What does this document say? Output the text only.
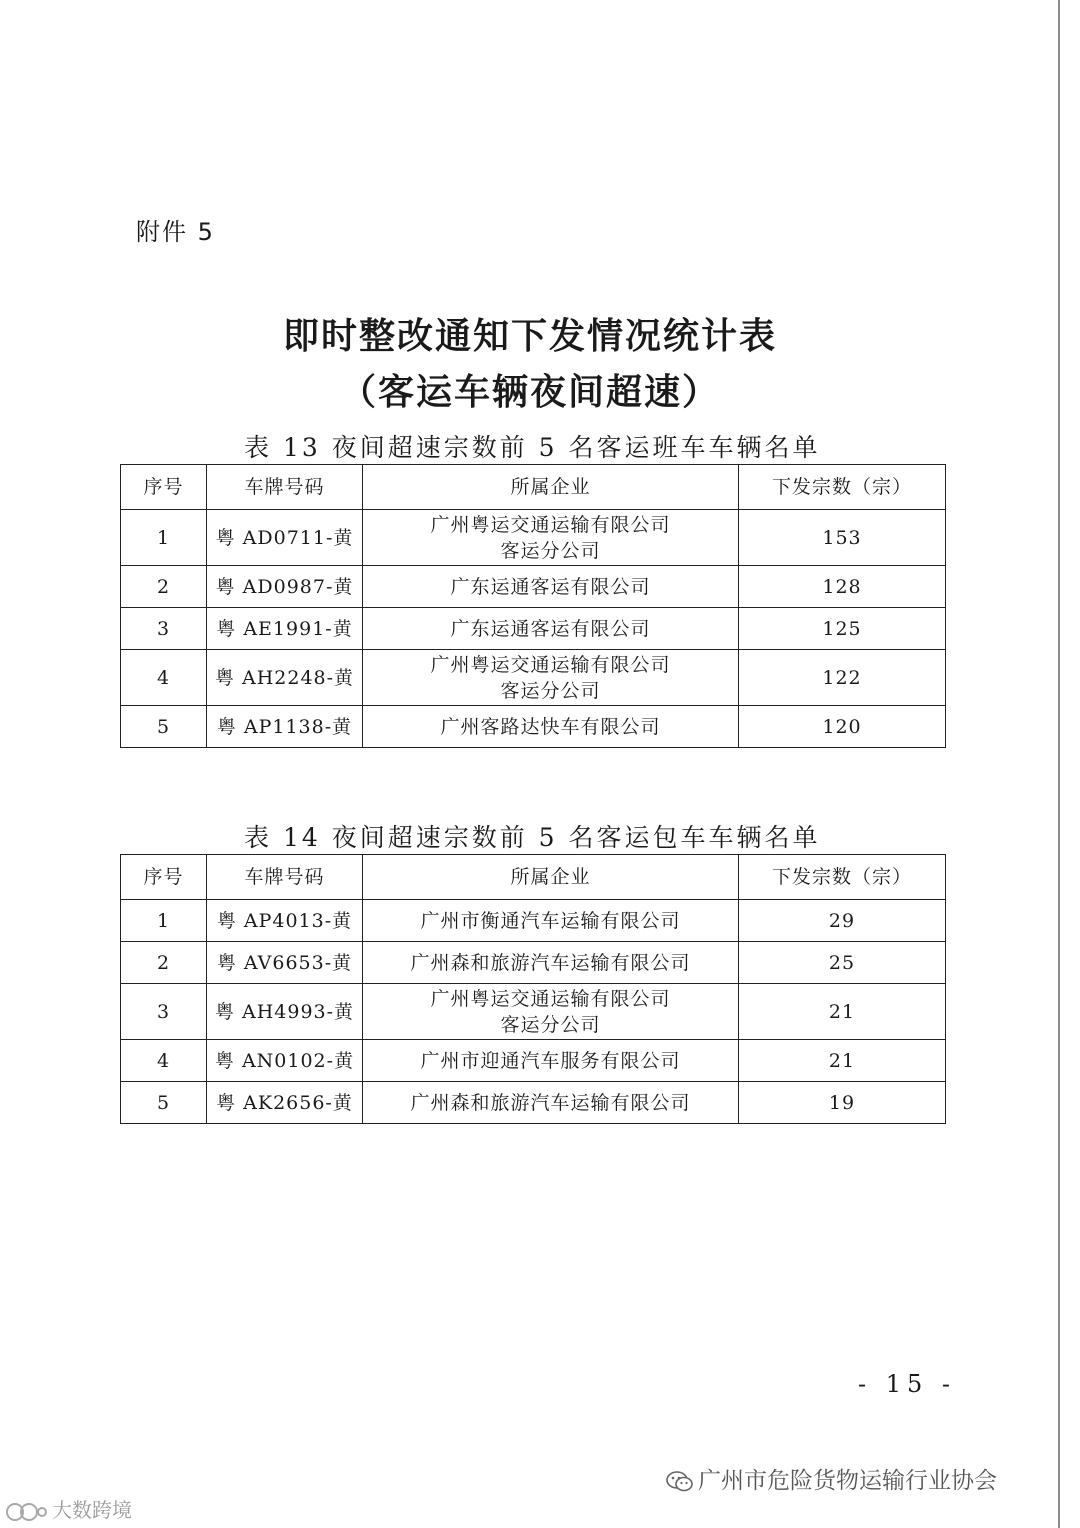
附件 5
即时整改通知下发情况统计表
（客运车辆夜间超速）
表 13 夜间超速宗数前 5 名客运班车车辆名单
序号	车牌号码	所属企业	下发宗数（宗）
1	粤 AD0711-黄	广州粤运交通运输有限公司
客运分公司	153
2	粤 AD0987-黄	广东运通客运有限公司	128
3	粤 AE1991-黄	广东运通客运有限公司	125
4	粤 AH2248-黄	广州粤运交通运输有限公司
客运分公司	122
5	粤 AP1138-黄	广州客路达快车有限公司	120
表 14 夜间超速宗数前 5 名客运包车车辆名单
序号	车牌号码	所属企业	下发宗数（宗）
1	粤 AP4013-黄	广州市衡通汽车运输有限公司	29
2	粤 AV6653-黄	广州森和旅游汽车运输有限公司	25
3	粤 AH4993-黄	广州粤运交通运输有限公司
客运分公司	21
4	粤 AN0102-黄	广州市迎通汽车服务有限公司	21
5	粤 AK2656-黄	广州森和旅游汽车运输有限公司	19
- 15 -
广州市危险货物运输行业协会
大数跨境
